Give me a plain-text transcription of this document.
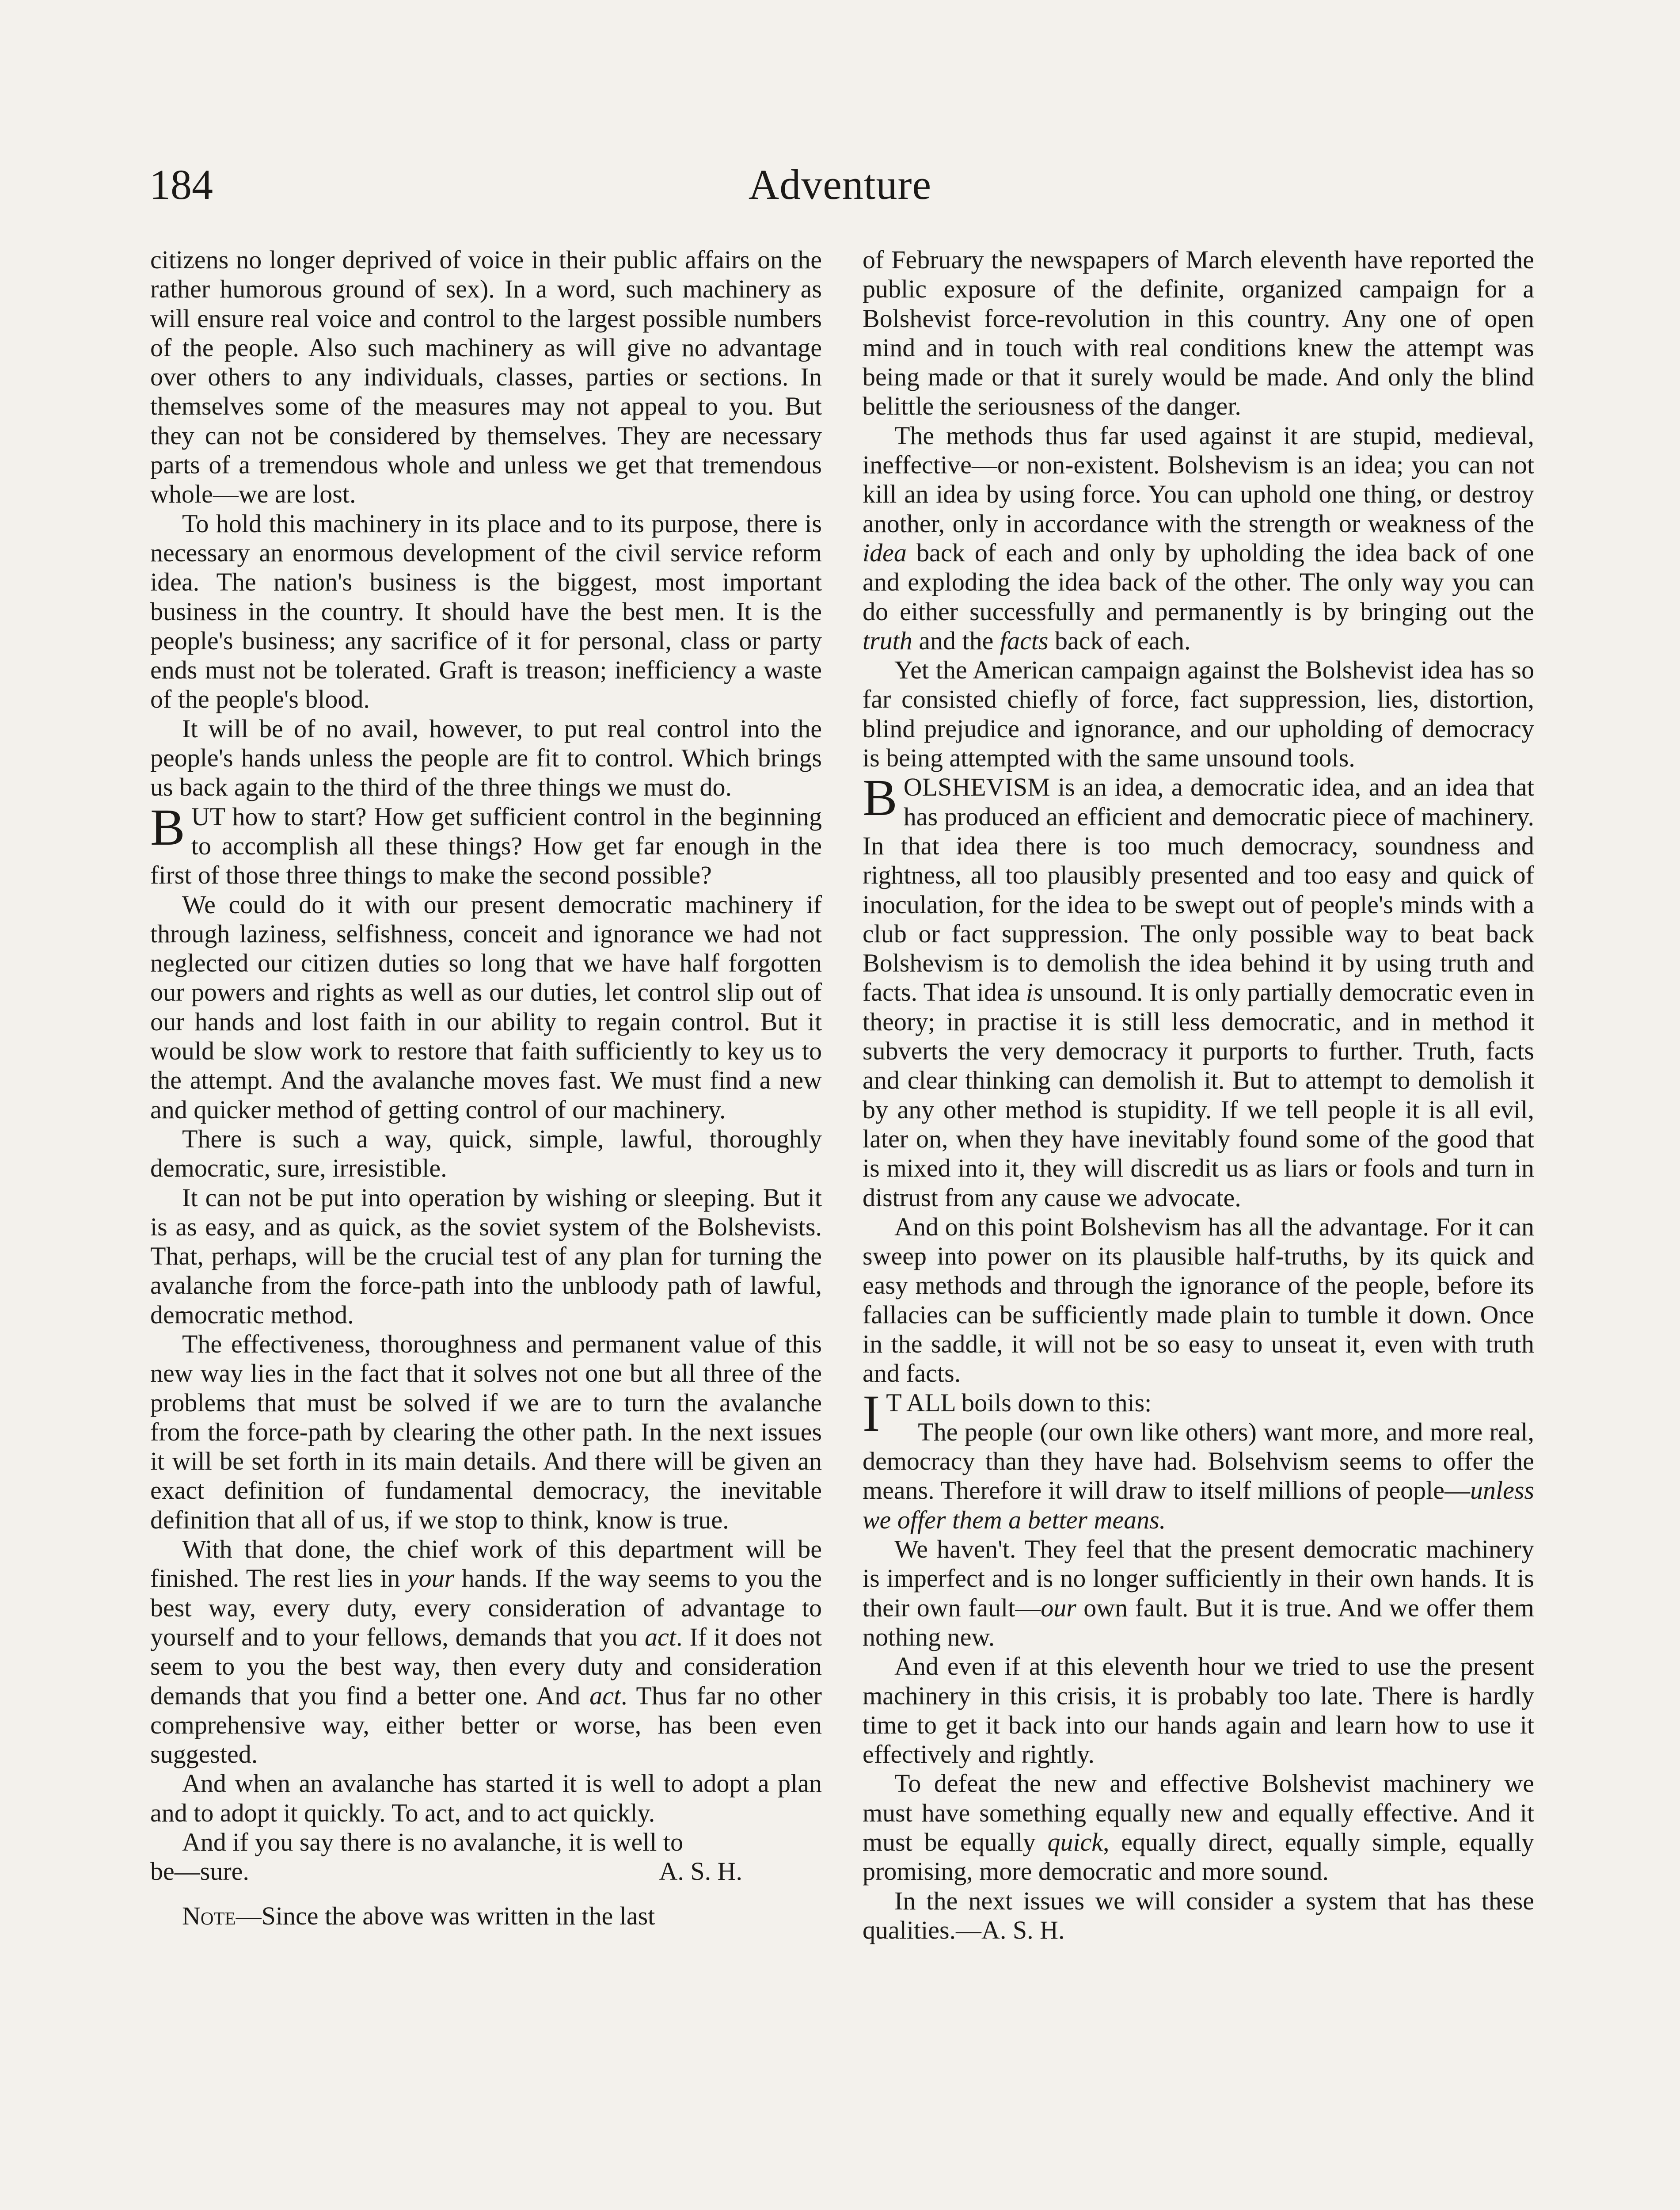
184	Adventure

citizens no longer deprived of voice in their public affairs on the rather humorous ground of sex). In a word, such machinery as will ensure real voice and control to the largest possible numbers of the people. Also such machinery as will give no advantage over others to any individuals, classes, parties or sections. In themselves some of the measures may not appeal to you. But they can not be considered by themselves. They are necessary parts of a tremendous whole and unless we get that tremendous whole—we are lost.

To hold this machinery in its place and to its purpose, there is necessary an enormous development of the civil service reform idea. The nation's business is the biggest, most important business in the country. It should have the best men. It is the people's business; any sacrifice of it for personal, class or party ends must not be tolerated. Graft is treason; inefficiency a waste of the people's blood.

It will be of no avail, however, to put real control into the people's hands unless the people are fit to control. Which brings us back again to the third of the three things we must do.

BUT how to start? How get sufficient control in the beginning to accomplish all these things? How get far enough in the first of those three things to make the second possible?

We could do it with our present democratic machinery if through laziness, selfishness, conceit and ignorance we had not neglected our citizen duties so long that we have half forgotten our powers and rights as well as our duties, let control slip out of our hands and lost faith in our ability to regain control. But it would be slow work to restore that faith sufficiently to key us to the attempt. And the avalanche moves fast. We must find a new and quicker method of getting control of our machinery.

There is such a way, quick, simple, lawful, thoroughly democratic, sure, irresistible.

It can not be put into operation by wishing or sleeping. But it is as easy, and as quick, as the soviet system of the Bolshevists. That, perhaps, will be the crucial test of any plan for turning the avalanche from the force-path into the unbloody path of lawful, democratic method.

The effectiveness, thoroughness and permanent value of this new way lies in the fact that it solves not one but all three of the problems that must be solved if we are to turn the avalanche from the force-path by clearing the other path. In the next issues it will be set forth in its main details. And there will be given an exact definition of fundamental democracy, the inevitable definition that all of us, if we stop to think, know is true.

With that done, the chief work of this department will be finished. The rest lies in your hands. If the way seems to you the best way, every duty, every consideration of advantage to yourself and to your fellows, demands that you act. If it does not seem to you the best way, then every duty and consideration demands that you find a better one. And act. Thus far no other comprehensive way, either better or worse, has been even suggested.

And when an avalanche has started it is well to adopt a plan and to adopt it quickly. To act, and to act quickly.

And if you say there is no avalanche, it is well to

be—sure.	A. S. H.

Note—Since the above was written in the last

of February the newspapers of March eleventh have reported the public exposure of the definite, organized campaign for a Bolshevist force-revolution in this country. Any one of open mind and in touch with real conditions knew the attempt was being made or that it surely would be made. And only the blind belittle the seriousness of the danger.

The methods thus far used against it are stupid, medieval, ineffective—or non-existent. Bolshevism is an idea; you can not kill an idea by using force. You can uphold one thing, or destroy another, only in accordance with the strength or weakness of the idea back of each and only by upholding the idea back of one and exploding the idea back of the other. The only way you can do either successfully and permanently is by bringing out the truth and the facts back of each.

Yet the American campaign against the Bolshevist idea has so far consisted chiefly of force, fact suppression, lies, distortion, blind prejudice and ignorance, and our upholding of democracy is being attempted with the same unsound tools.

BOLSHEVISM is an idea, a democratic idea, and an idea that has produced an efficient and democratic piece of machinery. In that idea there is too much democracy, soundness and rightness, all too plausibly presented and too easy and quick of inoculation, for the idea to be swept out of people's minds with a club or fact suppression. The only possible way to beat back Bolshevism is to demolish the idea behind it by using truth and facts. That idea is unsound. It is only partially democratic even in theory; in practise it is still less democratic, and in method it subverts the very democracy it purports to further. Truth, facts and clear thinking can demolish it. But to attempt to demolish it by any other method is stupidity. If we tell people it is all evil, later on, when they have inevitably found some of the good that is mixed into it, they will discredit us as liars or fools and turn in distrust from any cause we advocate.

And on this point Bolshevism has all the advantage. For it can sweep into power on its plausible half-truths, by its quick and easy methods and through the ignorance of the people, before its fallacies can be sufficiently made plain to tumble it down. Once in the saddle, it will not be so easy to unseat it, even with truth and facts.

I T ALL boils down to this:

The people (our own like others) want more, and more real, democracy than they have had. Bolsehvism seems to offer the means. Therefore it will draw to itself millions of people—unless we offer them a better means.

We haven't. They feel that the present democratic machinery is imperfect and is no longer sufficiently in their own hands. It is their own fault—our own fault. But it is true. And we offer them nothing new.

And even if at this eleventh hour we tried to use the present machinery in this crisis, it is probably too late. There is hardly time to get it back into our hands again and learn how to use it effectively and rightly.

To defeat the new and effective Bolshevist machinery we must have something equally new and equally effective. And it must be equally quick, equally direct, equally simple, equally promising, more democratic and more sound.

In the next issues we will consider a system that has these qualities.—A. S. H.
